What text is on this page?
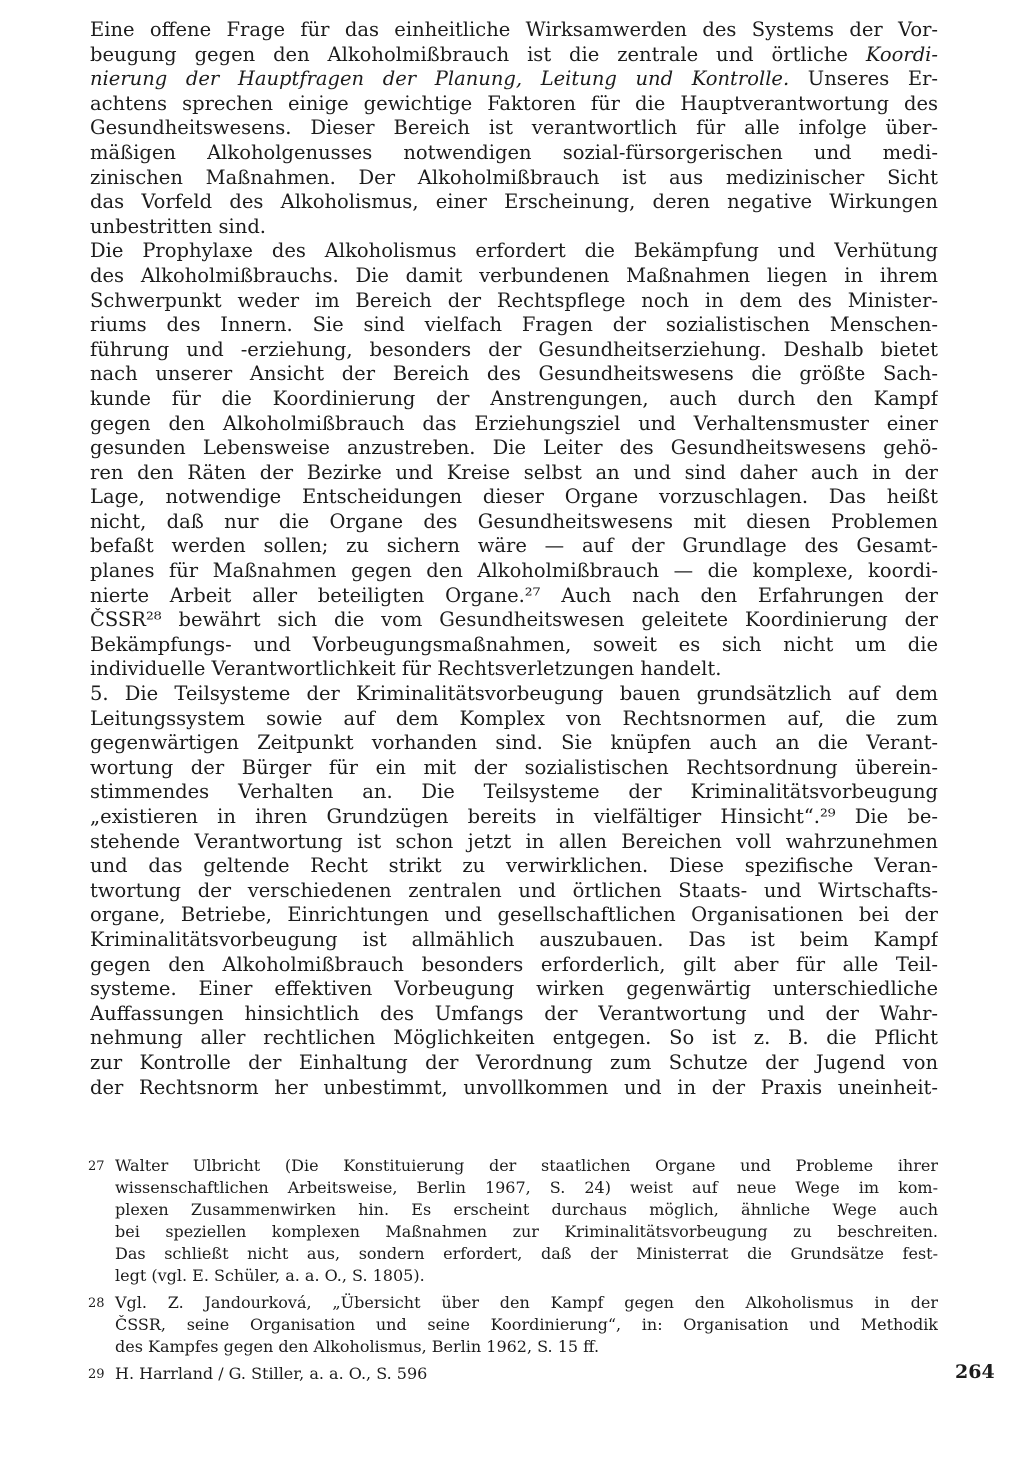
Eine offene Frage für das einheitliche Wirksamwerden des Systems der Vor-
beugung gegen den Alkoholmißbrauch ist die zentrale und örtliche Koordi-
nierung der Hauptfragen der Planung, Leitung und Kontrolle. Unseres Er-
achtens sprechen einige gewichtige Faktoren für die Hauptverantwortung des
Gesundheitswesens. Dieser Bereich ist verantwortlich für alle infolge über-
mäßigen Alkoholgenusses notwendigen sozial-fürsorgerischen und medi-
zinischen Maßnahmen. Der Alkoholmißbrauch ist aus medizinischer Sicht
das Vorfeld des Alkoholismus, einer Erscheinung, deren negative Wirkungen
unbestritten sind.
Die Prophylaxe des Alkoholismus erfordert die Bekämpfung und Verhütung
des Alkoholmißbrauchs. Die damit verbundenen Maßnahmen liegen in ihrem
Schwerpunkt weder im Bereich der Rechtspflege noch in dem des Minister-
riums des Innern. Sie sind vielfach Fragen der sozialistischen Menschen-
führung und -erziehung, besonders der Gesundheitserziehung. Deshalb bietet
nach unserer Ansicht der Bereich des Gesundheitswesens die größte Sach-
kunde für die Koordinierung der Anstrengungen, auch durch den Kampf
gegen den Alkoholmißbrauch das Erziehungsziel und Verhaltensmuster einer
gesunden Lebensweise anzustreben. Die Leiter des Gesundheitswesens gehö-
ren den Räten der Bezirke und Kreise selbst an und sind daher auch in der
Lage, notwendige Entscheidungen dieser Organe vorzuschlagen. Das heißt
nicht, daß nur die Organe des Gesundheitswesens mit diesen Problemen
befaßt werden sollen; zu sichern wäre — auf der Grundlage des Gesamt-
planes für Maßnahmen gegen den Alkoholmißbrauch — die komplexe, koordi-
nierte Arbeit aller beteiligten Organe.²⁷ Auch nach den Erfahrungen der
ČSSR²⁸ bewährt sich die vom Gesundheitswesen geleitete Koordinierung der
Bekämpfungs- und Vorbeugungsmaßnahmen, soweit es sich nicht um die
individuelle Verantwortlichkeit für Rechtsverletzungen handelt.
5. Die Teilsysteme der Kriminalitätsvorbeugung bauen grundsätzlich auf dem
Leitungssystem sowie auf dem Komplex von Rechtsnormen auf, die zum
gegenwärtigen Zeitpunkt vorhanden sind. Sie knüpfen auch an die Verant-
wortung der Bürger für ein mit der sozialistischen Rechtsordnung überein-
stimmendes Verhalten an. Die Teilsysteme der Kriminalitätsvorbeugung
„existieren in ihren Grundzügen bereits in vielfältiger Hinsicht“.²⁹ Die be-
stehende Verantwortung ist schon jetzt in allen Bereichen voll wahrzunehmen
und das geltende Recht strikt zu verwirklichen. Diese spezifische Veran-
twortung der verschiedenen zentralen und örtlichen Staats- und Wirtschafts-
organe, Betriebe, Einrichtungen und gesellschaftlichen Organisationen bei der
Kriminalitätsvorbeugung ist allmählich auszubauen. Das ist beim Kampf
gegen den Alkoholmißbrauch besonders erforderlich, gilt aber für alle Teil-
systeme. Einer effektiven Vorbeugung wirken gegenwärtig unterschiedliche
Auffassungen hinsichtlich des Umfangs der Verantwortung und der Wahr-
nehmung aller rechtlichen Möglichkeiten entgegen. So ist z. B. die Pflicht
zur Kontrolle der Einhaltung der Verordnung zum Schutze der Jugend von
der Rechtsnorm her unbestimmt, unvollkommen und in der Praxis uneinheit-
27 Walter Ulbricht (Die Konstituierung der staatlichen Organe und Probleme ihrer
wissenschaftlichen Arbeitsweise, Berlin 1967, S. 24) weist auf neue Wege im kom-
plexen Zusammenwirken hin. Es erscheint durchaus möglich, ähnliche Wege auch
bei speziellen komplexen Maßnahmen zur Kriminalitätsvorbeugung zu beschreiten.
Das schließt nicht aus, sondern erfordert, daß der Ministerrat die Grundsätze fest-
legt (vgl. E. Schüler, a. a. O., S. 1805).
28 Vgl. Z. Jandourková, „Übersicht über den Kampf gegen den Alkoholismus in der
ČSSR, seine Organisation und seine Koordinierung“, in: Organisation und Methodik
des Kampfes gegen den Alkoholismus, Berlin 1962, S. 15 ff.
29 H. Harrland / G. Stiller, a. a. O., S. 596	264
